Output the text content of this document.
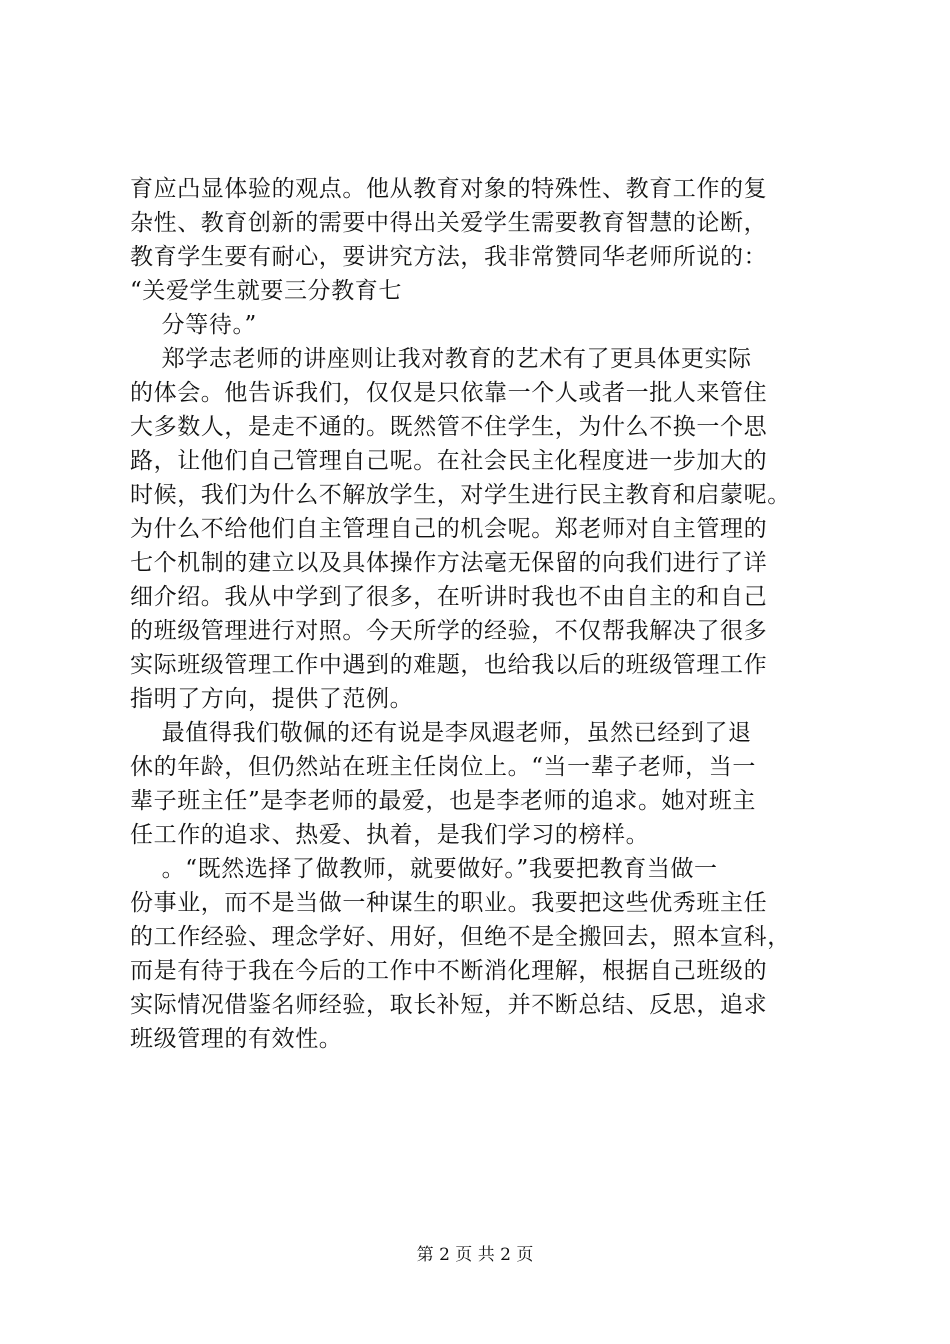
育应凸显体验的观点。他从教育对象的特殊性、教育工作的复
杂性、教育创新的需要中得出关爱学生需要教育智慧的论断，
教育学生要有耐心，要讲究方法，我非常赞同华老师所说的：
“关爱学生就要三分教育七
分等待。”
郑学志老师的讲座则让我对教育的艺术有了更具体更实际
的体会。他告诉我们，仅仅是只依靠一个人或者一批人来管住
大多数人，是走不通的。既然管不住学生，为什么不换一个思
路，让他们自己管理自己呢。在社会民主化程度进一步加大的
时候，我们为什么不解放学生，对学生进行民主教育和启蒙呢。
为什么不给他们自主管理自己的机会呢。郑老师对自主管理的
七个机制的建立以及具体操作方法毫无保留的向我们进行了详
细介绍。我从中学到了很多，在听讲时我也不由自主的和自己
的班级管理进行对照。今天所学的经验，不仅帮我解决了很多
实际班级管理工作中遇到的难题，也给我以后的班级管理工作
指明了方向，提供了范例。
最值得我们敬佩的还有说是李凤遐老师，虽然已经到了退
休的年龄，但仍然站在班主任岗位上。“当一辈子老师，当一
辈子班主任”是李老师的最爱，也是李老师的追求。她对班主
任工作的追求、热爱、执着，是我们学习的榜样。
。“既然选择了做教师，就要做好。”我要把教育当做一
份事业，而不是当做一种谋生的职业。我要把这些优秀班主任
的工作经验、理念学好、用好，但绝不是全搬回去，照本宣科，
而是有待于我在今后的工作中不断消化理解，根据自己班级的
实际情况借鉴名师经验，取长补短，并不断总结、反思，追求
班级管理的有效性。
第 2 页 共 2 页
